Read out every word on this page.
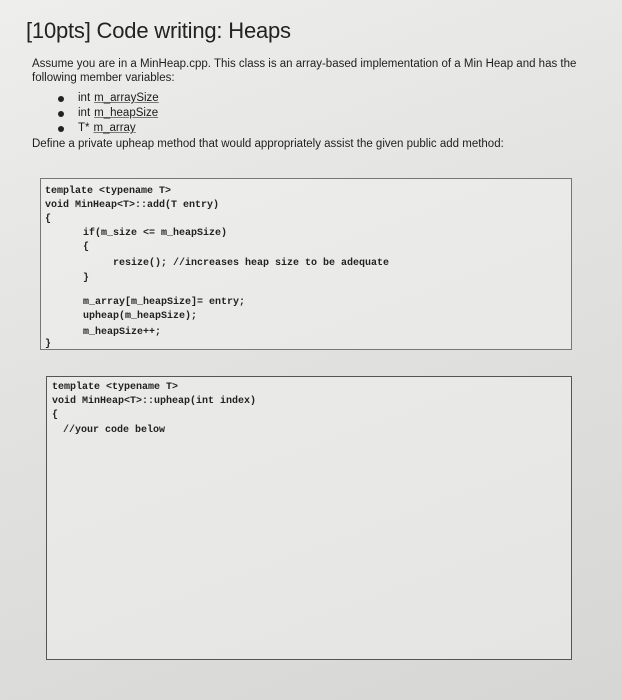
[10pts] Code writing: Heaps
Assume you are in a MinHeap.cpp. This class is an array-based implementation of a Min Heap and has the following member variables:
int m_arraySize
int m_heapSize
T* m_array
Define a private upheap method that would appropriately assist the given public add method:
template <typename T>
void MinHeap<T>::add(T entry)
{
if(m_size <= m_heapSize)
{
resize(); //increases heap size to be adequate
}
m_array[m_heapSize]= entry;
upheap(m_heapSize);
m_heapSize++;
}
template <typename T>
void MinHeap<T>::upheap(int index)
{
//your code below
